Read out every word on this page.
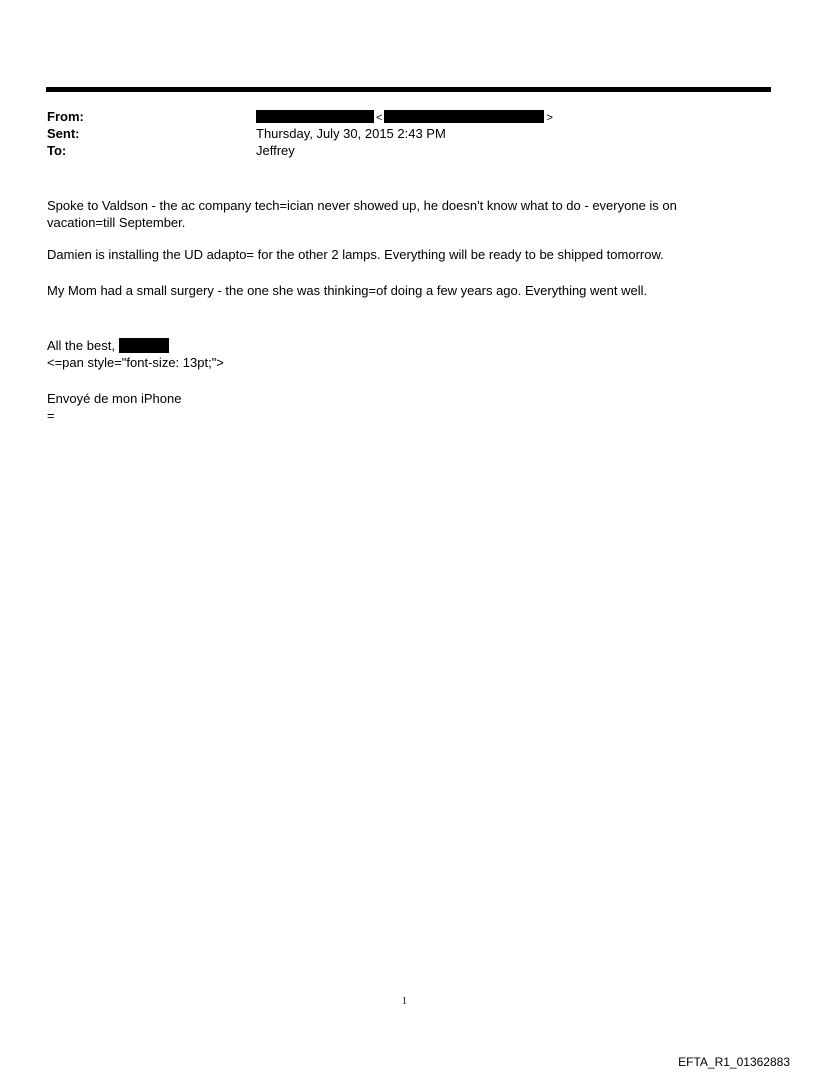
From:	<	>
Sent:	Thursday, July 30, 2015 2:43 PM
To:	Jeffrey

Spoke to Valdson - the ac company tech=ician never showed up, he doesn't know what to do - everyone is on vacation=till September.

Damien is installing the UD adapto= for the other 2 lamps. Everything will be ready to be shipped tomorrow.

My Mom had a small surgery - the one she was thinking=of doing a few years ago. Everything went well.

All the best,

<=pan style="font-size: 13pt;">

Envoyé de mon iPhone

=

1
EFTA_R1_01362883
